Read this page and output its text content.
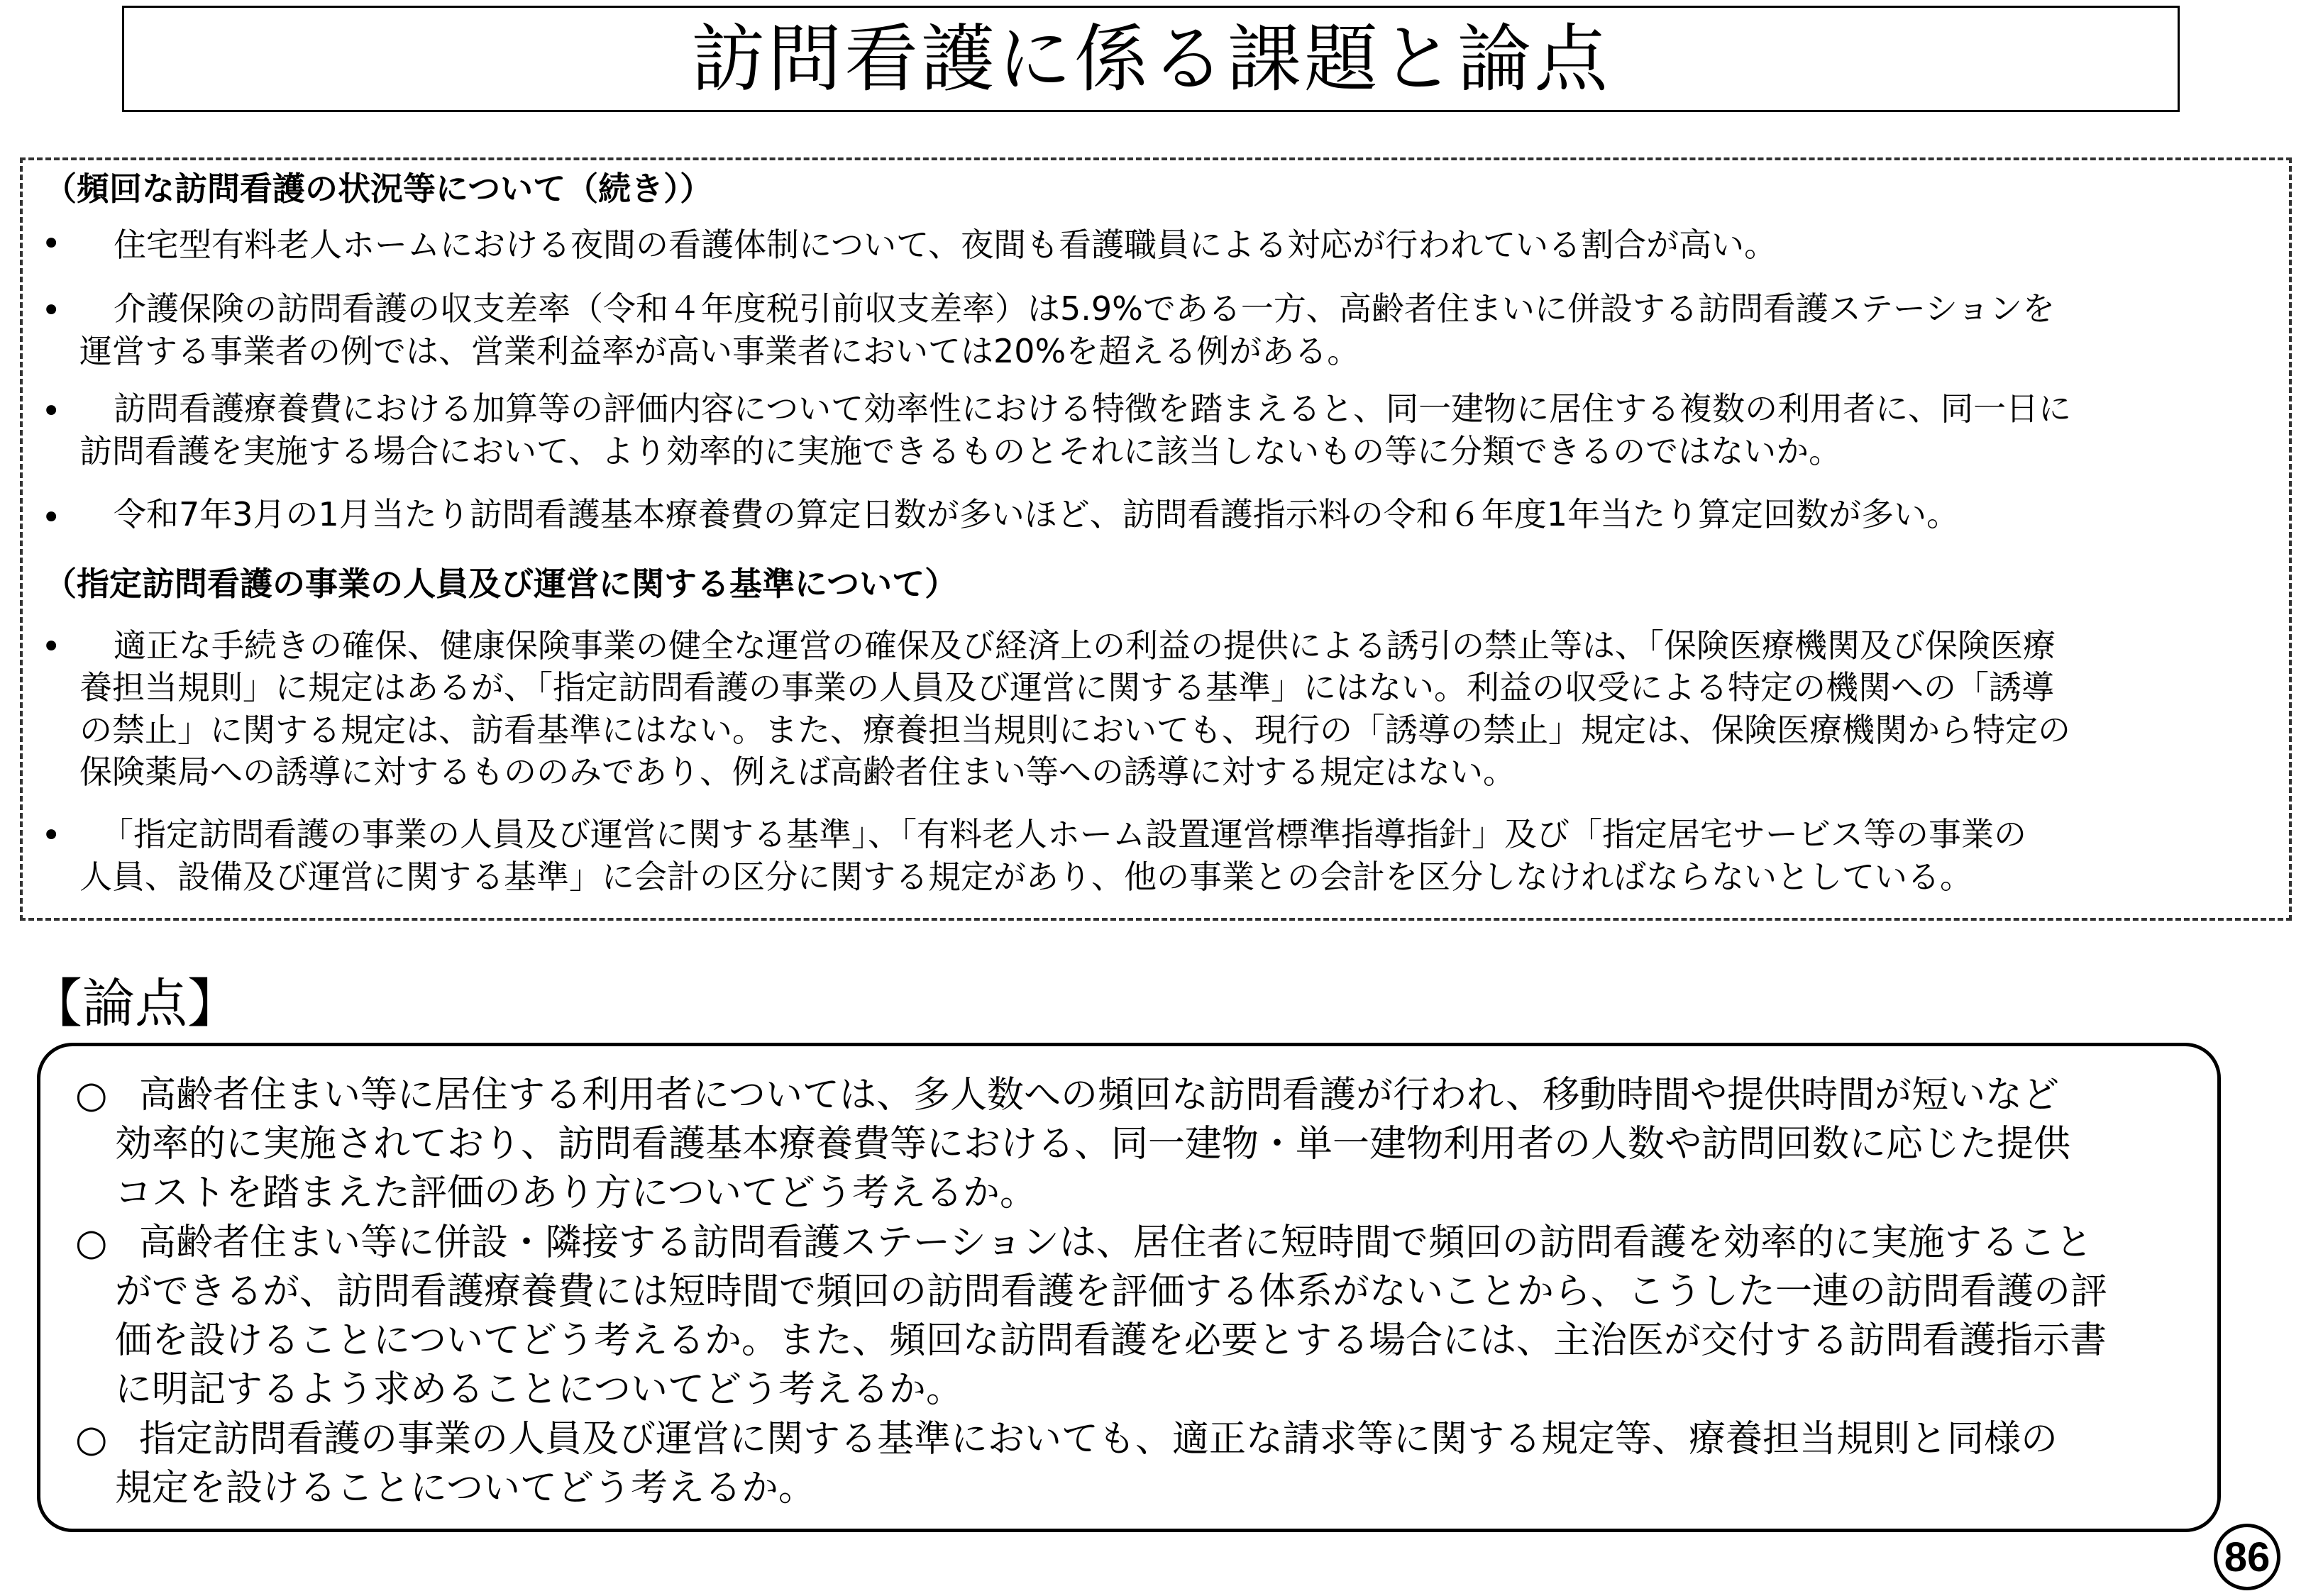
訪問看護に係る課題と論点
（頻回な訪問看護の状況等について（続き））
• 住宅型有料老人ホームにおける夜間の看護体制について、夜間も看護職員による対応が行われている割合が高い。
• 介護保険の訪問看護の収支差率（令和４年度税引前収支差率）は5.9%である一方、高齢者住まいに併設する訪問看護ステーションを
運営する事業者の例では、営業利益率が高い事業者においては20%を超える例がある。
• 訪問看護療養費における加算等の評価内容について効率性における特徴を踏まえると、同一建物に居住する複数の利用者に、同一日に
訪問看護を実施する場合において、より効率的に実施できるものとそれに該当しないもの等に分類できるのではないか。
• 令和7年3月の1月当たり訪問看護基本療養費の算定日数が多いほど、訪問看護指示料の令和６年度1年当たり算定回数が多い。
（指定訪問看護の事業の人員及び運営に関する基準について）
• 適正な手続きの確保、健康保険事業の健全な運営の確保及び経済上の利益の提供による誘引の禁止等は、「保険医療機関及び保険医療
養担当規則」に規定はあるが、「指定訪問看護の事業の人員及び運営に関する基準」にはない。利益の収受による特定の機関への「誘導
の禁止」に関する規定は、訪看基準にはない。また、療養担当規則においても、現行の「誘導の禁止」規定は、保険医療機関から特定の
保険薬局への誘導に対するもののみであり、例えば高齢者住まい等への誘導に対する規定はない。
• 「指定訪問看護の事業の人員及び運営に関する基準」、「有料老人ホーム設置運営標準指導指針」及び「指定居宅サービス等の事業の
人員、設備及び運営に関する基準」に会計の区分に関する規定があり、他の事業との会計を区分しなければならないとしている。
【論点】
○ 高齢者住まい等に居住する利用者については、多人数への頻回な訪問看護が行われ、移動時間や提供時間が短いなど
効率的に実施されており、訪問看護基本療養費等における、同一建物・単一建物利用者の人数や訪問回数に応じた提供
コストを踏まえた評価のあり方についてどう考えるか。
○ 高齢者住まい等に併設・隣接する訪問看護ステーションは、居住者に短時間で頻回の訪問看護を効率的に実施すること
ができるが、訪問看護療養費には短時間で頻回の訪問看護を評価する体系がないことから、こうした一連の訪問看護の評
価を設けることについてどう考えるか。また、頻回な訪問看護を必要とする場合には、主治医が交付する訪問看護指示書
に明記するよう求めることについてどう考えるか。
○ 指定訪問看護の事業の人員及び運営に関する基準においても、適正な請求等に関する規定等、療養担当規則と同様の
規定を設けることについてどう考えるか。
86
